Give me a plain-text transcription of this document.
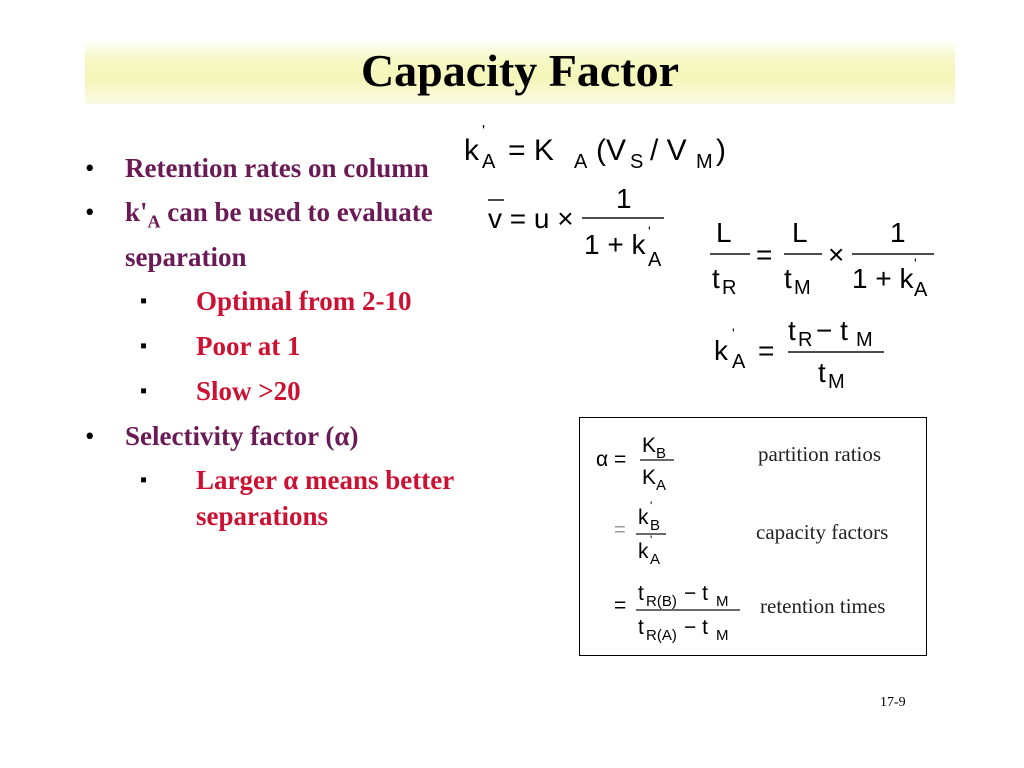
Capacity Factor
• Retention rates on column
• $k'_A$ can be used to evaluate separation
▪ Optimal from 2-10
▪ Poor at 1
▪ Slow >20
• Selectivity factor (α)
▪ Larger α means better separations
k
'
A = K A (V S / V M )
v = u ×
1
1 + k '
A
L
t R
=
L
t M
×
1
1 + k '
A
k
'
A =
t R − t M
t M
α =
K B
K A
partition ratios
=
k '
B
k '
A
capacity factors
=
t R(B) − t M
t R(A) − t M
retention times
17-9
